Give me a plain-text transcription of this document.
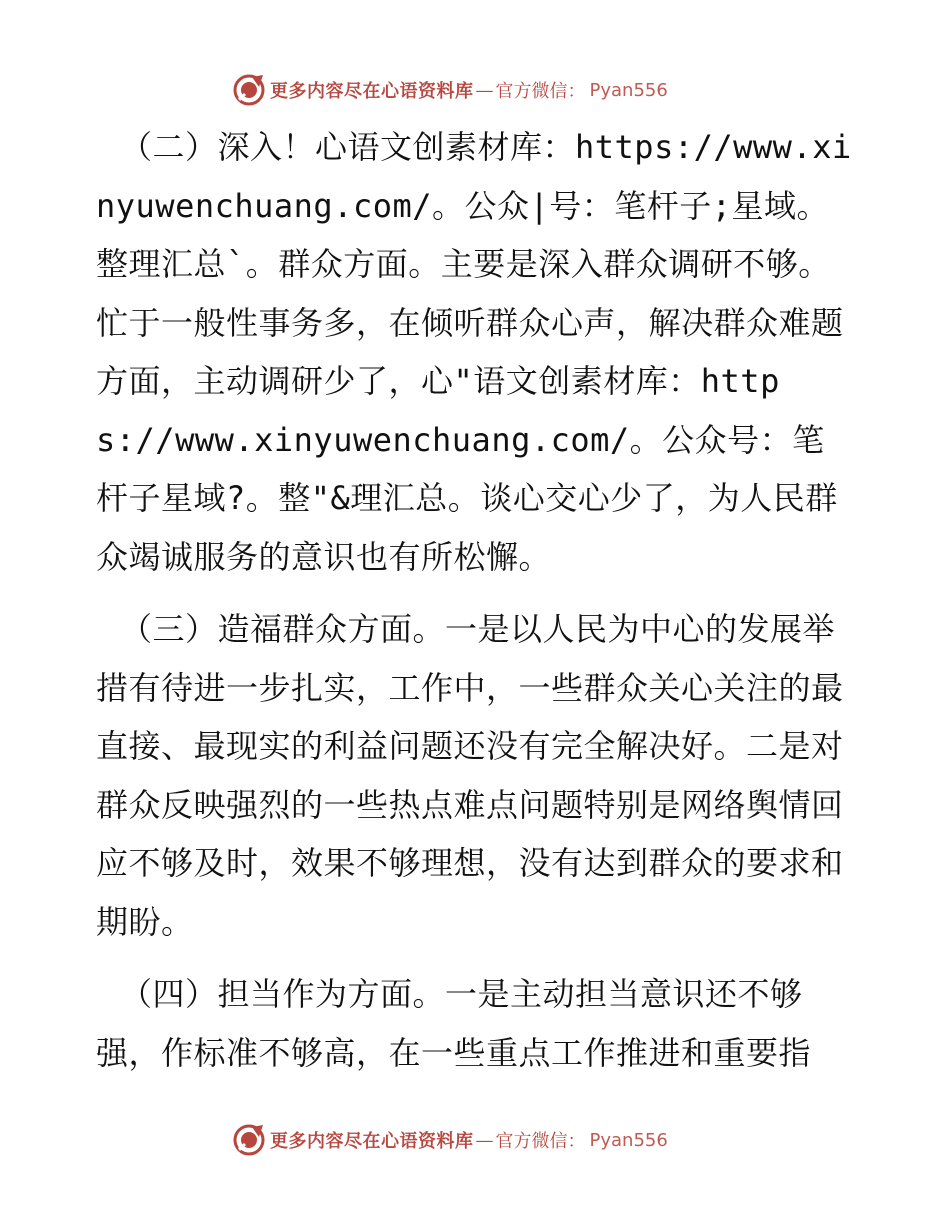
更多内容尽在心语资料库 — 官方微信： Pyan556

（二）深入！心语文创素材库：https://www.xinyuwenchuang.com/。公众|号：笔杆子;星域。整理汇总`。群众方面。主要是深入群众调研不够。忙于一般性事务多，在倾听群众心声，解决群众难题方面，主动调研少了，心"语文创素材库：https://www.xinyuwenchuang.com/。公众号：笔杆子星域?。整"&理汇总。谈心交心少了，为人民群众竭诚服务的意识也有所松懈。

（三）造福群众方面。一是以人民为中心的发展举措有待进一步扎实，工作中，一些群众关心关注的最直接、最现实的利益问题还没有完全解决好。二是对群众反映强烈的一些热点难点问题特别是网络舆情回应不够及时，效果不够理想，没有达到群众的要求和期盼。

（四）担当作为方面。一是主动担当意识还不够强，作标准不够高，在一些重点工作推进和重要指

更多内容尽在心语资料库 — 官方微信： Pyan556
